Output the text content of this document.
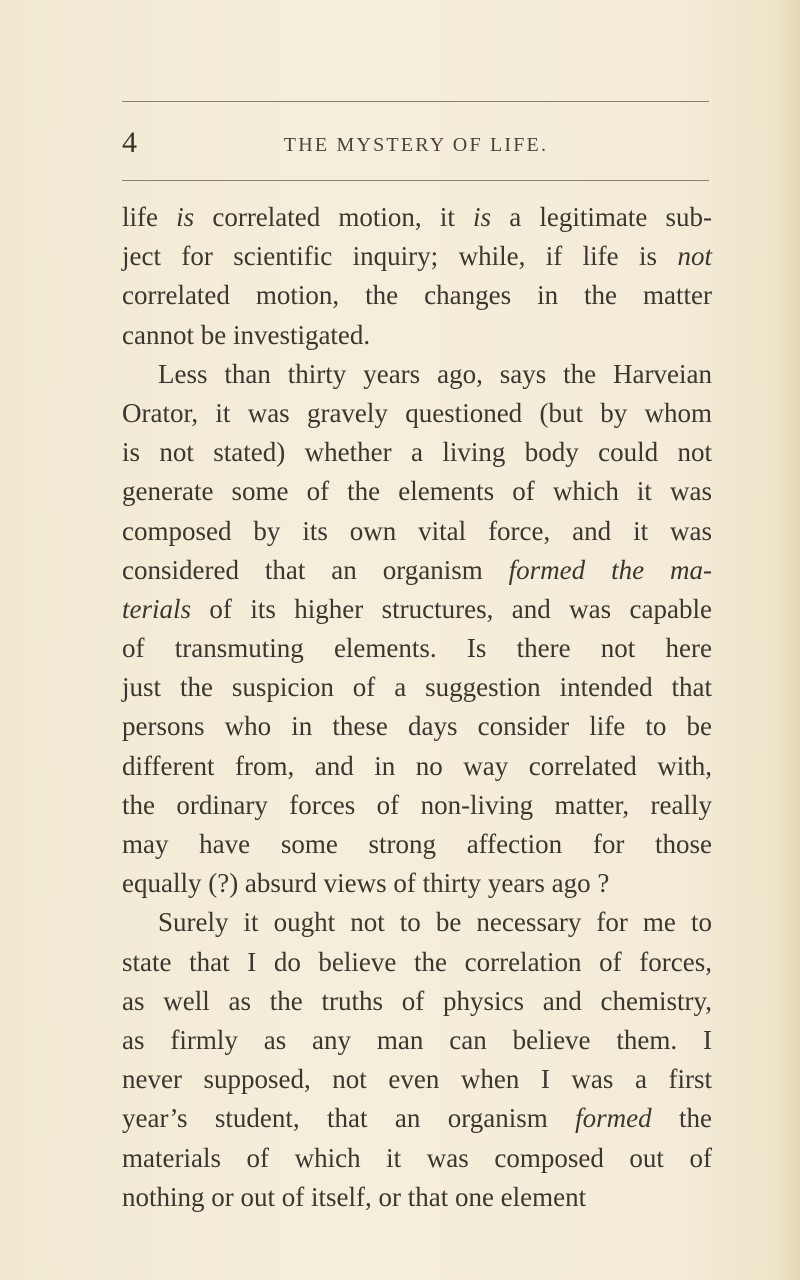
4	THE MYSTERY OF LIFE.
life is correlated motion, it is a legitimate sub-
ject for scientific inquiry; while, if life is not
correlated motion, the changes in the matter
cannot be investigated.
Less than thirty years ago, says the Harveian
Orator, it was gravely questioned (but by whom
is not stated) whether a living body could not
generate some of the elements of which it was
composed by its own vital force, and it was
considered that an organism formed the ma-
terials of its higher structures, and was capable
of transmuting elements. Is there not here
just the suspicion of a suggestion intended that
persons who in these days consider life to be
different from, and in no way correlated with,
the ordinary forces of non-living matter, really
may have some strong affection for those
equally (?) absurd views of thirty years ago ?
Surely it ought not to be necessary for me to
state that I do believe the correlation of forces,
as well as the truths of physics and chemistry,
as firmly as any man can believe them. I
never supposed, not even when I was a first
year’s student, that an organism formed the
materials of which it was composed out of
nothing or out of itself, or that one element
